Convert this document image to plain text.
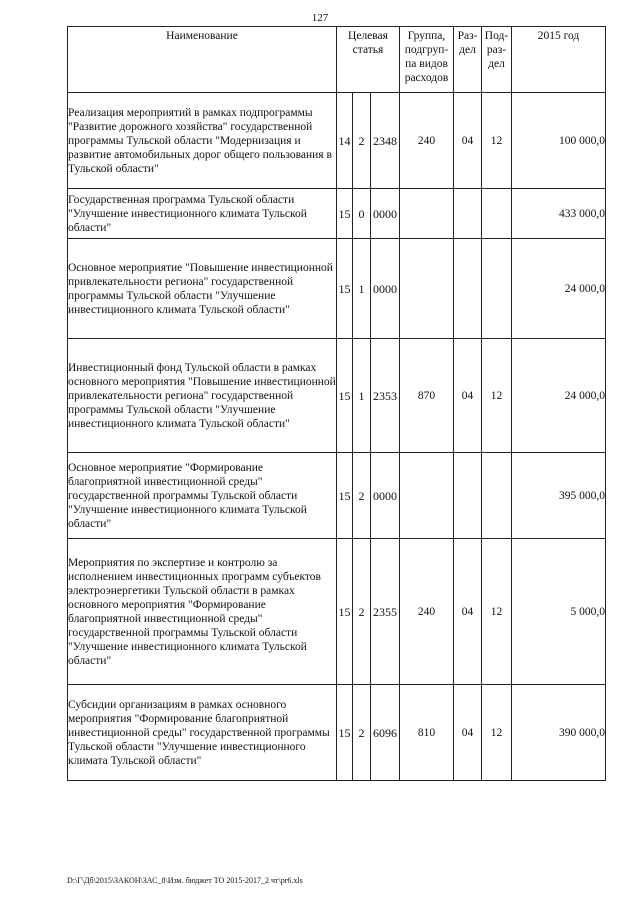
127
Наименование	Целевая статья			Группа, подгруп-па видов расходов	Раз-дел	Под-раз-дел	2015 год
Реализация мероприятий в рамках подпрограммы "Развитие дорожного хозяйства" государственной программы Тульской области "Модернизация и развитие автомобильных дорог общего пользования в Тульской области"	14	2	2348	240	04	12	100 000,0
Государственная программа Тульской области "Улучшение инвестиционного климата Тульской области"	15	0	0000				433 000,0
Основное мероприятие "Повышение инвестиционной привлекательности региона" государственной программы Тульской области "Улучшение инвестиционного климата Тульской области"	15	1	0000				24 000,0
Инвестиционный фонд Тульской области в рамках основного мероприятия "Повышение инвестиционной привлекательности региона" государственной программы Тульской области "Улучшение инвестиционного климата Тульской области"	15	1	2353	870	04	12	24 000,0
Основное мероприятие "Формирование благоприятной инвестиционной среды" государственной программы Тульской области "Улучшение инвестиционного климата Тульской области"	15	2	0000				395 000,0
Мероприятия по экспертизе и контролю за исполнением инвестиционных программ субъектов электроэнергетики Тульской области в рамках основного мероприятия "Формирование благоприятной инвестиционной среды" государственной программы Тульской области "Улучшение инвестиционного климата Тульской области"	15	2	2355	240	04	12	5 000,0
Субсидии организациям в рамках основного мероприятия "Формирование благоприятной инвестиционной среды" государственной программы Тульской области "Улучшение инвестиционного климата Тульской области"	15	2	6096	810	04	12	390 000,0
D:\Г\Дб\2015\ЗАКОН\ЗАС_8\Изм. бюджет ТО 2015-2017_2 чт\pr6.xls
